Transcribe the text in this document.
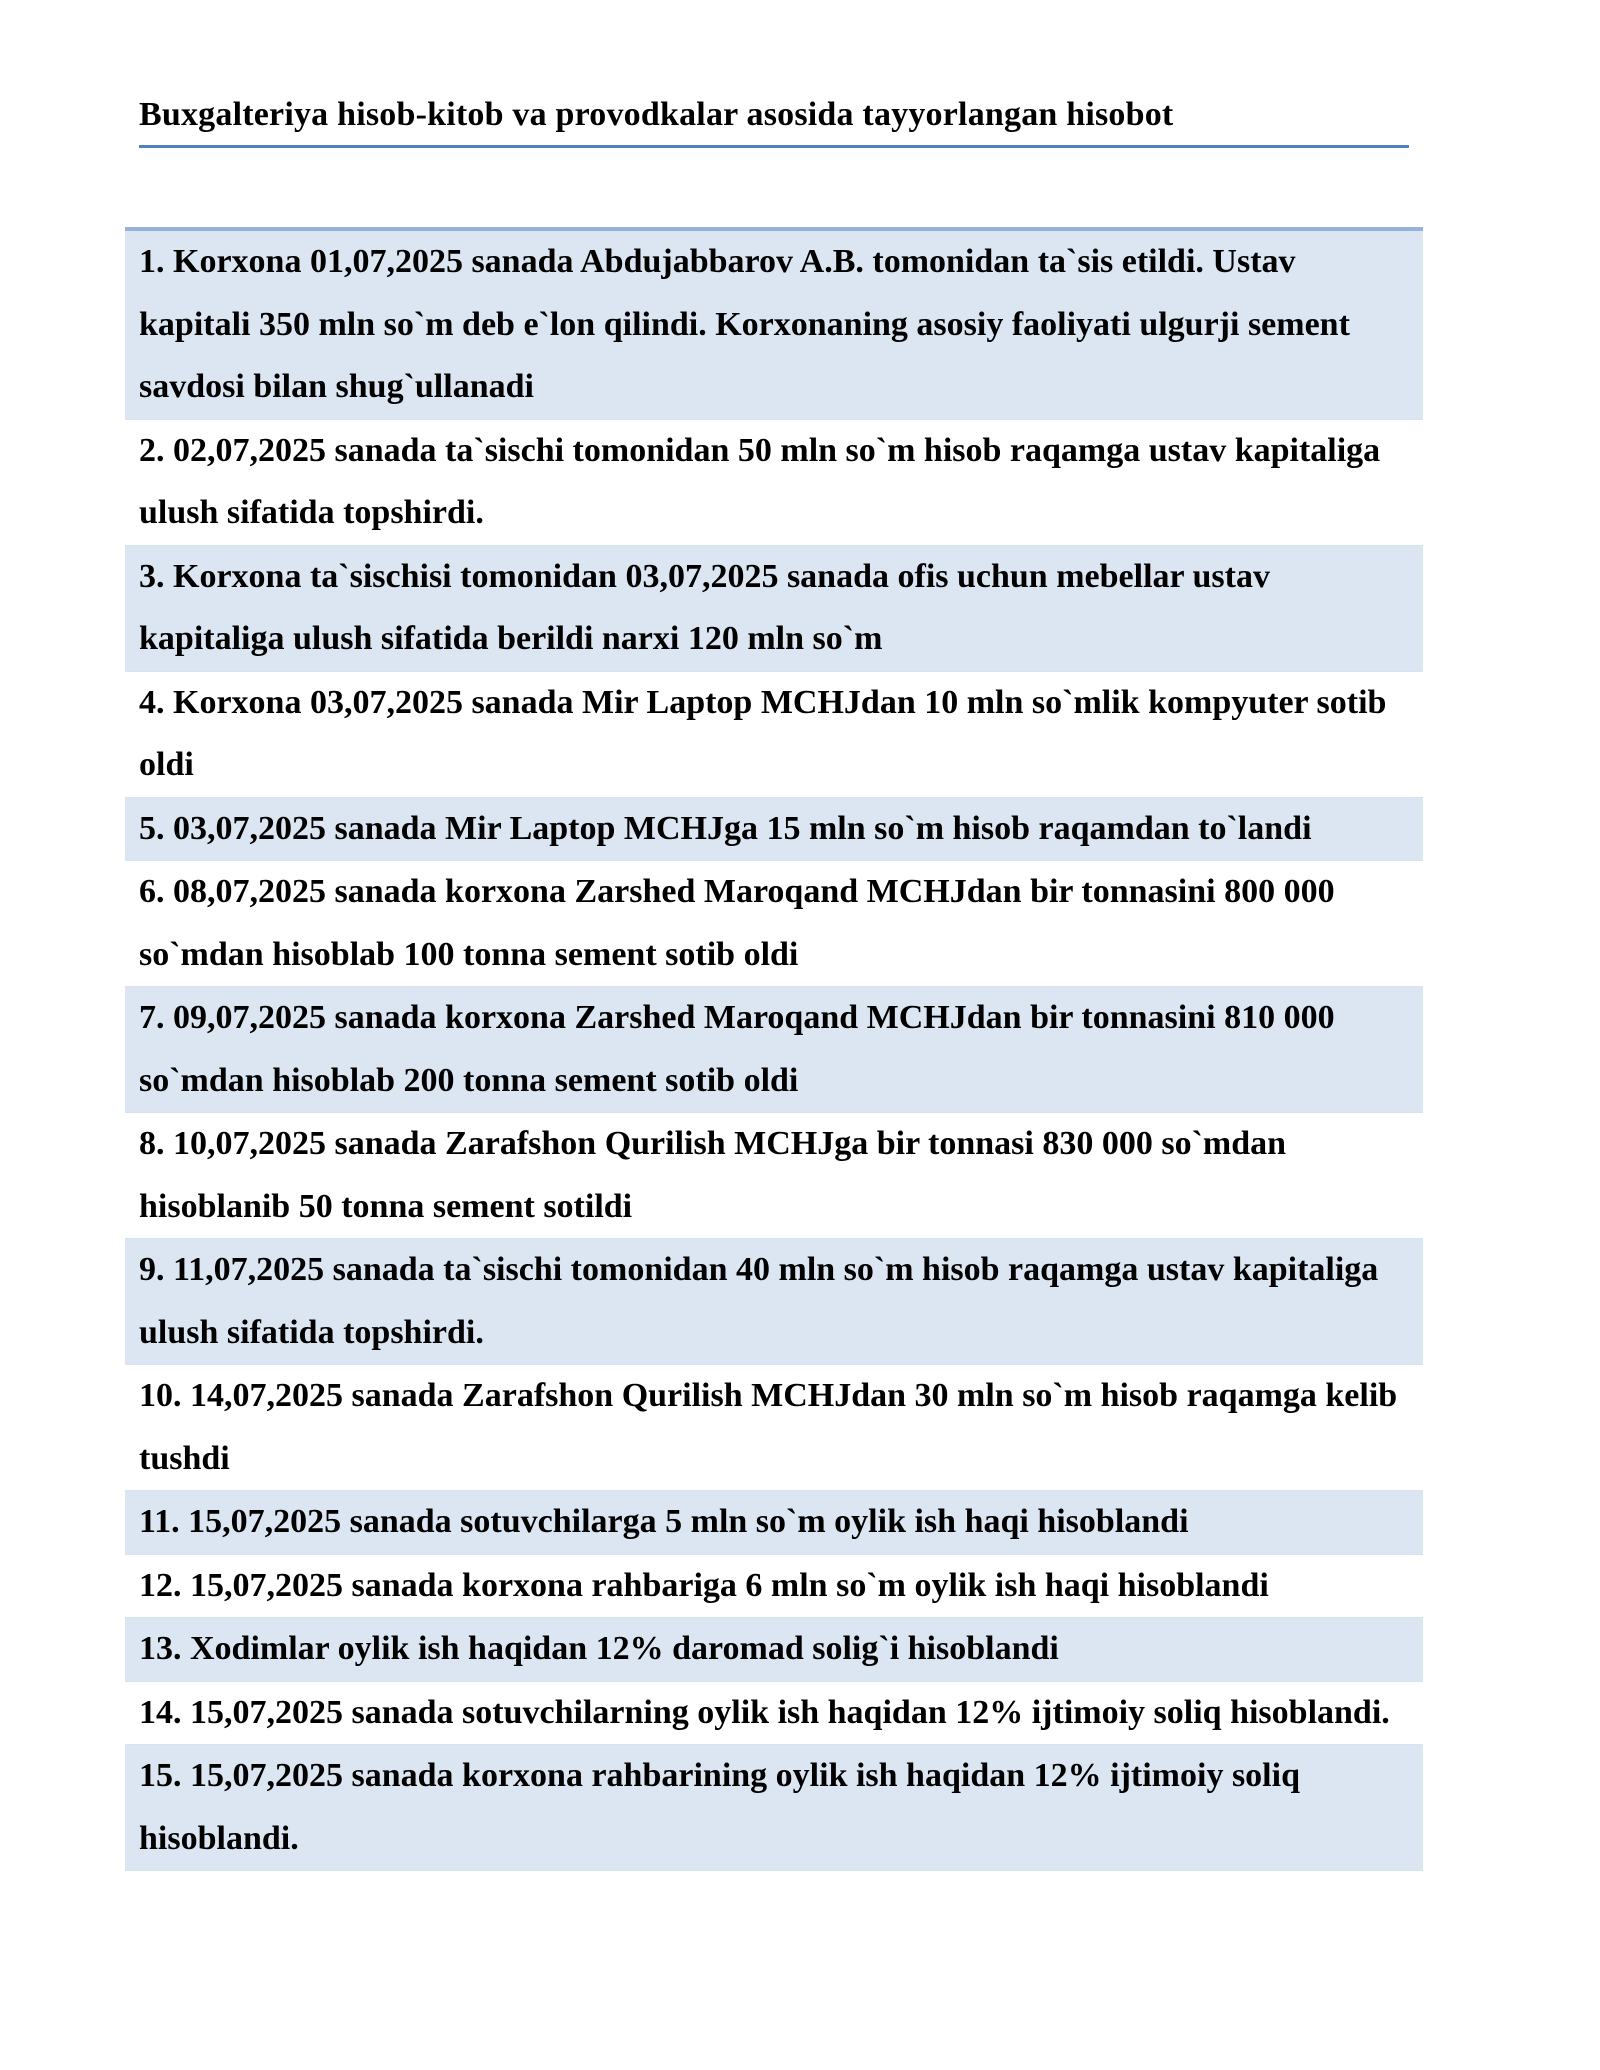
Buxgalteriya hisob-kitob va provodkalar asosida tayyorlangan hisobot
1. Korxona 01,07,2025 sanada Abdujabbarov A.B. tomonidan ta`sis etildi. Ustav kapitali 350 mln so`m deb e`lon qilindi. Korxonaning asosiy faoliyati ulgurji sement savdosi bilan shug`ullanadi
2. 02,07,2025 sanada ta`sischi tomonidan 50 mln so`m hisob raqamga ustav kapitaliga ulush sifatida topshirdi.
3. Korxona ta`sischisi tomonidan 03,07,2025 sanada ofis uchun mebellar ustav kapitaliga ulush sifatida berildi narxi 120 mln so`m
4. Korxona 03,07,2025 sanada Mir Laptop MCHJdan 10 mln so`mlik kompyuter sotib oldi
5. 03,07,2025 sanada Mir Laptop MCHJga 15 mln so`m hisob raqamdan to`landi
6. 08,07,2025 sanada korxona Zarshed Maroqand MCHJdan bir tonnasini 800 000 so`mdan hisoblab 100 tonna sement sotib oldi
7. 09,07,2025 sanada korxona Zarshed Maroqand MCHJdan bir tonnasini 810 000 so`mdan hisoblab 200 tonna sement sotib oldi
8. 10,07,2025 sanada Zarafshon Qurilish MCHJga bir tonnasi 830 000 so`mdan hisoblanib 50 tonna sement sotildi
9. 11,07,2025 sanada ta`sischi tomonidan 40 mln so`m hisob raqamga ustav kapitaliga ulush sifatida topshirdi.
10. 14,07,2025 sanada Zarafshon Qurilish MCHJdan 30 mln so`m hisob raqamga kelib tushdi
11. 15,07,2025 sanada sotuvchilarga 5 mln so`m oylik ish haqi hisoblandi
12. 15,07,2025 sanada korxona rahbariga 6 mln so`m oylik ish haqi hisoblandi
13. Xodimlar oylik ish haqidan 12% daromad solig`i hisoblandi
14. 15,07,2025 sanada sotuvchilarning oylik ish haqidan 12% ijtimoiy soliq hisoblandi.
15. 15,07,2025 sanada korxona rahbarining oylik ish haqidan 12% ijtimoiy soliq hisoblandi.
